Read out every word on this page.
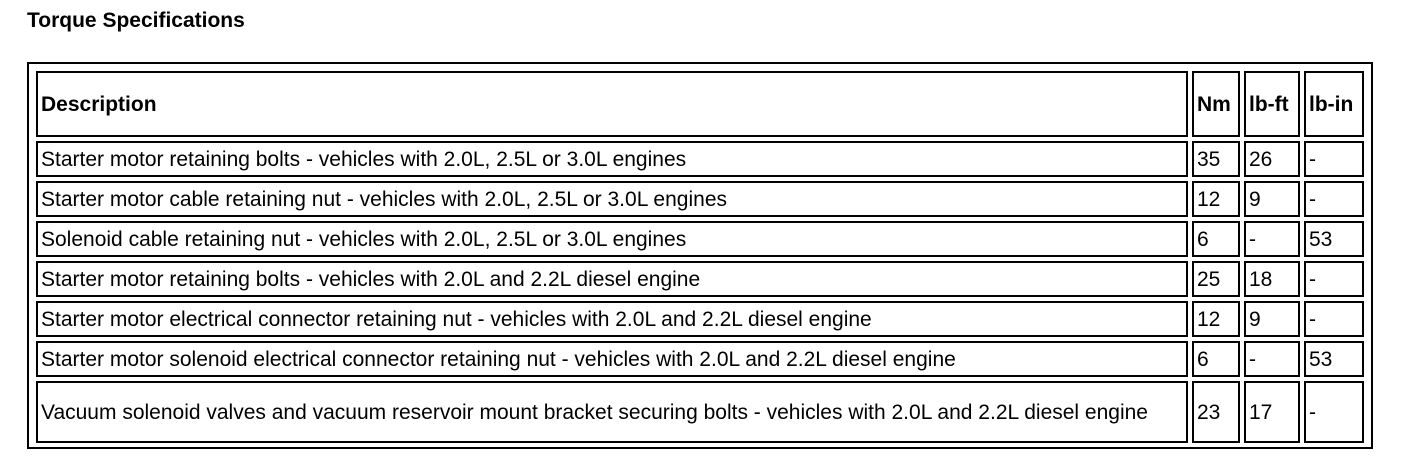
Torque Specifications
Description	Nm	lb-ft	lb-in
Starter motor retaining bolts - vehicles with 2.0L, 2.5L or 3.0L engines	35	26	-
Starter motor cable retaining nut - vehicles with 2.0L, 2.5L or 3.0L engines	12	9	-
Solenoid cable retaining nut - vehicles with 2.0L, 2.5L or 3.0L engines	6	-	53
Starter motor retaining bolts - vehicles with 2.0L and 2.2L diesel engine	25	18	-
Starter motor electrical connector retaining nut - vehicles with 2.0L and 2.2L diesel engine	12	9	-
Starter motor solenoid electrical connector retaining nut - vehicles with 2.0L and 2.2L diesel engine	6	-	53
Vacuum solenoid valves and vacuum reservoir mount bracket securing bolts - vehicles with 2.0L and 2.2L diesel engine	23	17	-
